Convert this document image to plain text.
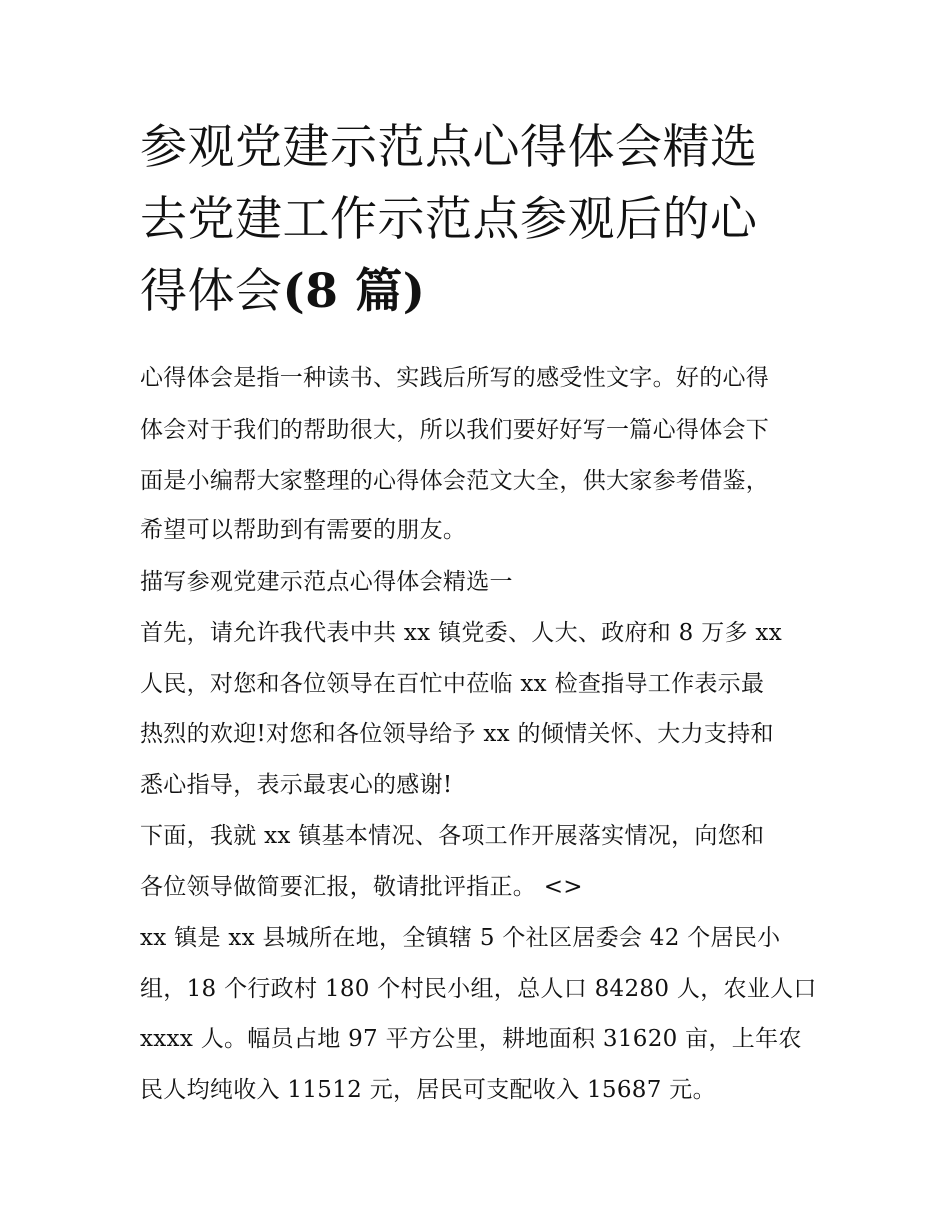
参观党建示范点心得体会精选
去党建工作示范点参观后的心
得体会(8 篇)

心得体会是指一种读书、实践后所写的感受性文字。好的心得

体会对于我们的帮助很大，所以我们要好好写一篇心得体会下

面是小编帮大家整理的心得体会范文大全，供大家参考借鉴，

希望可以帮助到有需要的朋友。

描写参观党建示范点心得体会精选一

首先，请允许我代表中共 xx 镇党委、人大、政府和 8 万多 xx

人民，对您和各位领导在百忙中莅临 xx 检查指导工作表示最

热烈的欢迎!对您和各位领导给予 xx 的倾情关怀、大力支持和

悉心指导，表示最衷心的感谢!

下面，我就 xx 镇基本情况、各项工作开展落实情况，向您和

各位领导做简要汇报，敬请批评指正。 <>

xx 镇是 xx 县城所在地，全镇辖 5 个社区居委会 42 个居民小

组，18 个行政村 180 个村民小组，总人口 84280 人，农业人口

xxxx 人。幅员占地 97 平方公里，耕地面积 31620 亩，上年农

民人均纯收入 11512 元，居民可支配收入 15687 元。
